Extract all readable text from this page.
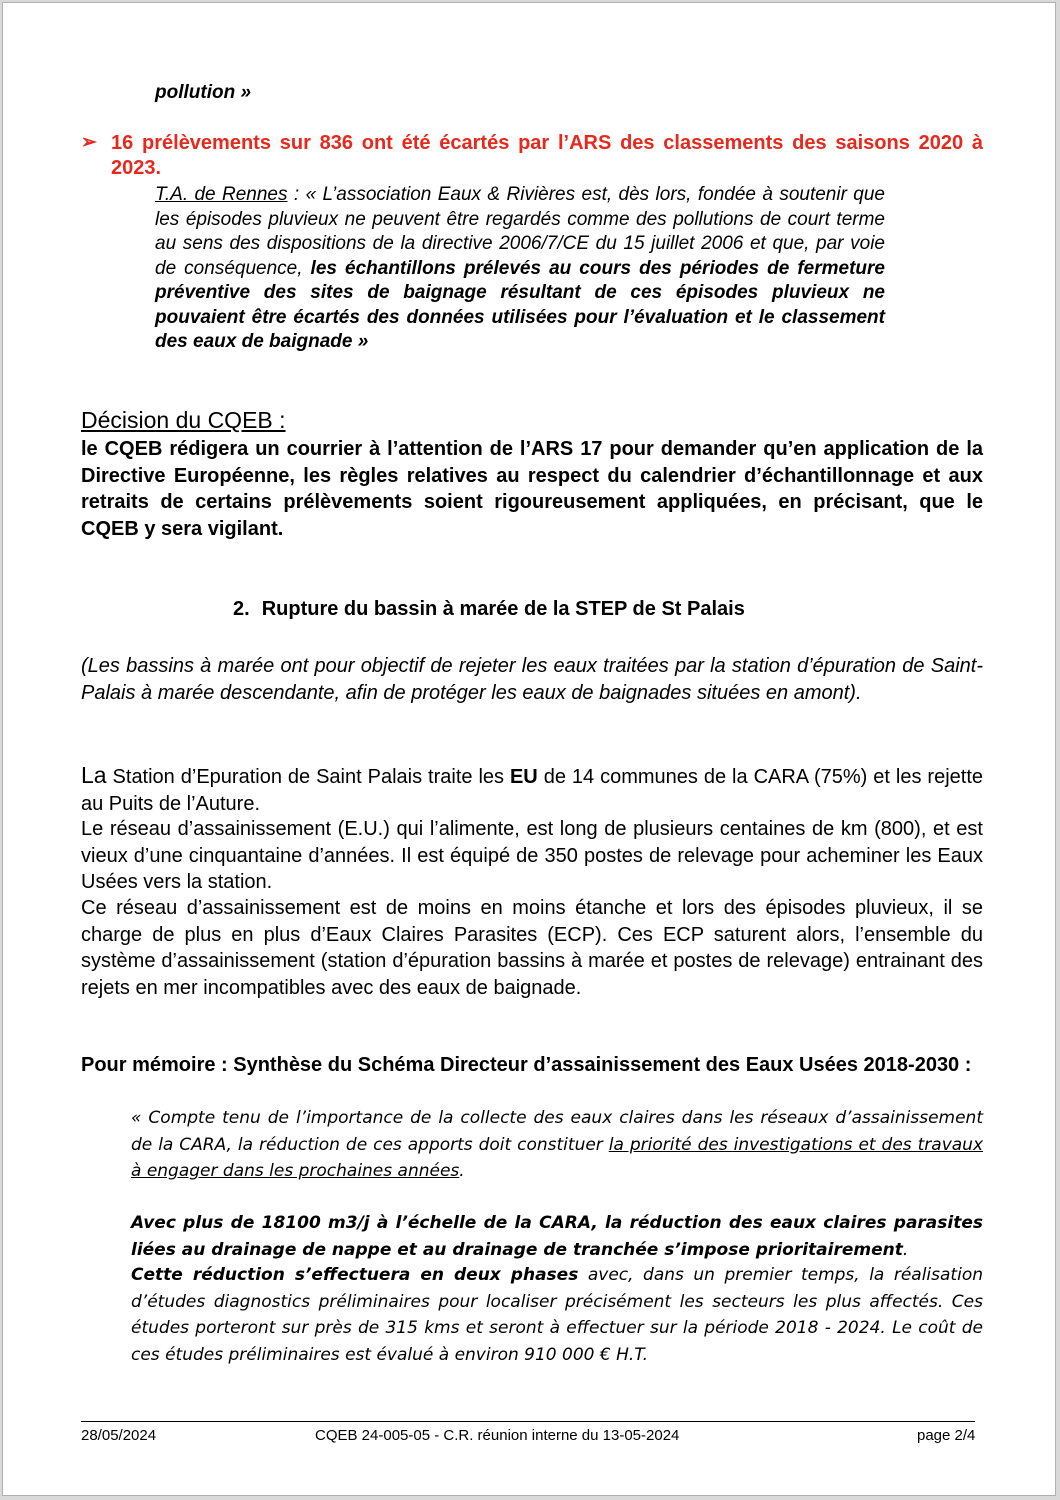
pollution »
➢ 16 prélèvements sur 836 ont été écartés par l’ARS des classements des saisons 2020 à 2023.
T.A. de Rennes : « L’association Eaux & Rivières est, dès lors, fondée à soutenir que les épisodes pluvieux ne peuvent être regardés comme des pollutions de court terme au sens des dispositions de la directive 2006/7/CE du 15 juillet 2006 et que, par voie de conséquence, les échantillons prélevés au cours des périodes de fermeture préventive des sites de baignage résultant de ces épisodes pluvieux ne pouvaient être écartés des données utilisées pour l’évaluation et le classement des eaux de baignade »
Décision du CQEB :
le CQEB rédigera un courrier à l’attention de l’ARS 17 pour demander qu’en application de la Directive Européenne, les règles relatives au respect du calendrier d’échantillonnage et aux retraits de certains prélèvements soient rigoureusement appliquées, en précisant, que le CQEB y sera vigilant.
2. Rupture du bassin à marée de la STEP de St Palais
(Les bassins à marée ont pour objectif de rejeter les eaux traitées par la station d’épuration de Saint-Palais à marée descendante, afin de protéger les eaux de baignades situées en amont).
La Station d’Epuration de Saint Palais traite les EU de 14 communes de la CARA (75%) et les rejette au Puits de l’Auture.
Le réseau d’assainissement (E.U.) qui l’alimente, est long de plusieurs centaines de km (800), et est vieux d’une cinquantaine d’années. Il est équipé de 350 postes de relevage pour acheminer les Eaux Usées vers la station.
Ce réseau d’assainissement est de moins en moins étanche et lors des épisodes pluvieux, il se charge de plus en plus d’Eaux Claires Parasites (ECP). Ces ECP saturent alors, l’ensemble du système d’assainissement (station d’épuration bassins à marée et postes de relevage) entrainant des rejets en mer incompatibles avec des eaux de baignade.
Pour mémoire : Synthèse du Schéma Directeur d’assainissement des Eaux Usées 2018-2030 :
« Compte tenu de l’importance de la collecte des eaux claires dans les réseaux d’assainissement de la CARA, la réduction de ces apports doit constituer la priorité des investigations et des travaux à engager dans les prochaines années.
Avec plus de 18100 m3/j à l’échelle de la CARA, la réduction des eaux claires parasites liées au drainage de nappe et au drainage de tranchée s’impose prioritairement.
Cette réduction s’effectuera en deux phases avec, dans un premier temps, la réalisation d’études diagnostics préliminaires pour localiser précisément les secteurs les plus affectés. Ces études porteront sur près de 315 kms et seront à effectuer sur la période 2018 - 2024. Le coût de ces études préliminaires est évalué à environ 910 000 € H.T.
28/05/2024	CQEB 24-005-05 - C.R. réunion interne du 13-05-2024	page 2/4
